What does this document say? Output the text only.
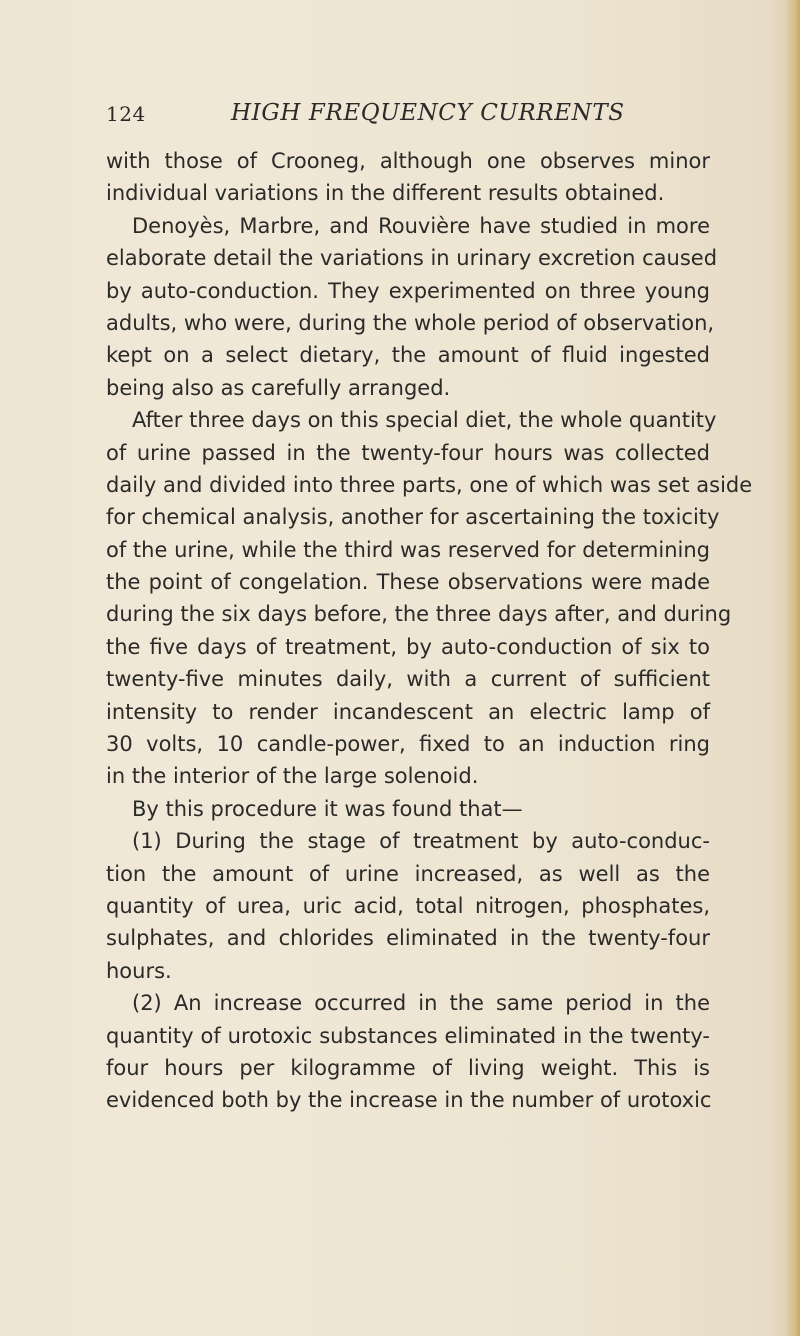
124	HIGH FREQUENCY CURRENTS
with those of Crooneg, although one observes minor
individual variations in the different results obtained.
Denoyès, Marbre, and Rouvière have studied in more
elaborate detail the variations in urinary excretion caused
by auto-conduction. They experimented on three young
adults, who were, during the whole period of observation,
kept on a select dietary, the amount of fluid ingested
being also as carefully arranged.
After three days on this special diet, the whole quantity
of urine passed in the twenty-four hours was collected
daily and divided into three parts, one of which was set aside
for chemical analysis, another for ascertaining the toxicity
of the urine, while the third was reserved for determining
the point of congelation. These observations were made
during the six days before, the three days after, and during
the five days of treatment, by auto-conduction of six to
twenty-five minutes daily, with a current of sufficient
intensity to render incandescent an electric lamp of
30 volts, 10 candle-power, fixed to an induction ring
in the interior of the large solenoid.
By this procedure it was found that—
(1) During the stage of treatment by auto-conduc-
tion the amount of urine increased, as well as the
quantity of urea, uric acid, total nitrogen, phosphates,
sulphates, and chlorides eliminated in the twenty-four
hours.
(2) An increase occurred in the same period in the
quantity of urotoxic substances eliminated in the twenty-
four hours per kilogramme of living weight. This is
evidenced both by the increase in the number of urotoxic
